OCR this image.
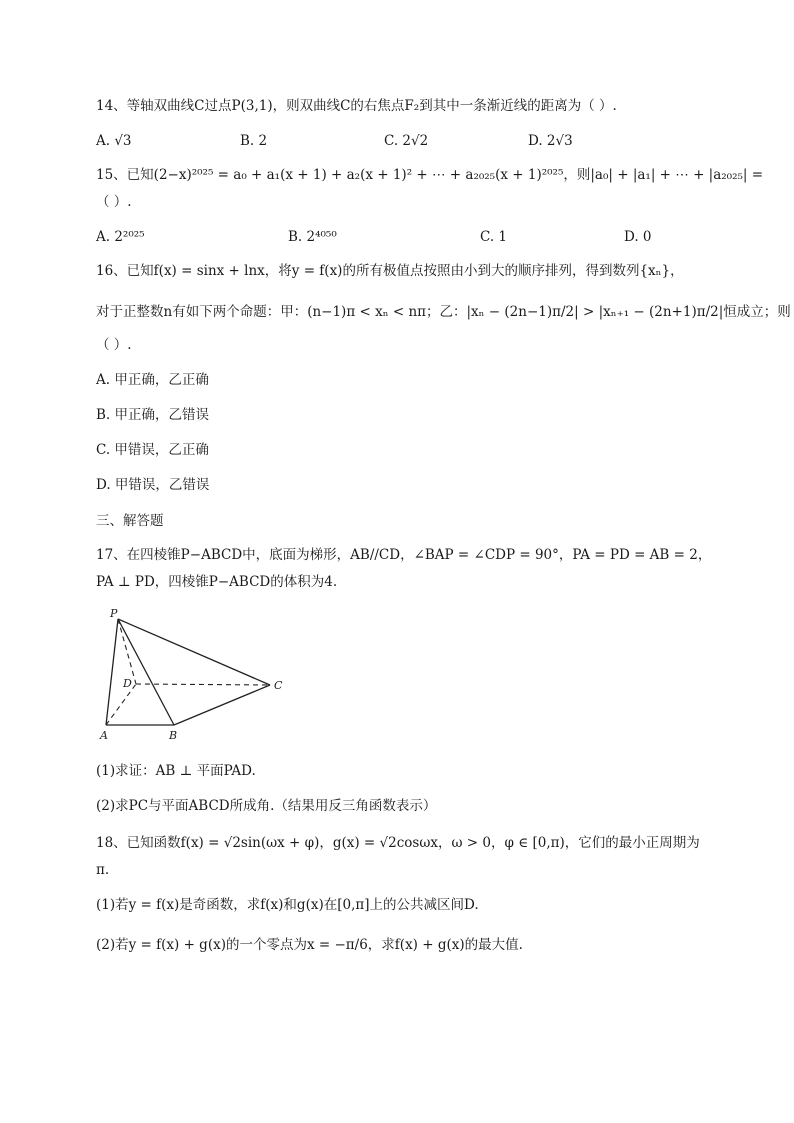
14、等轴双曲线C过点P(3,1)，则双曲线C的右焦点F₂到其中一条渐近线的距离为（ ）.
A. √3	B. 2	C. 2√2	D. 2√3
15、已知(2−x)²⁰²⁵ = a₀ + a₁(x + 1) + a₂(x + 1)² + ⋯ + a₂₀₂₅(x + 1)²⁰²⁵，则|a₀| + |a₁| + ⋯ + |a₂₀₂₅| =
（ ）.
A. 2²⁰²⁵	B. 2⁴⁰⁵⁰	C. 1	D. 0
16、已知f(x) = sinx + lnx，将y = f(x)的所有极值点按照由小到大的顺序排列，得到数列{xₙ}，
对于正整数n有如下两个命题：甲：(n−1)π < xₙ < nπ；乙：|xₙ − (2n−1)π/2| > |xₙ₊₁ − (2n+1)π/2|恒成立；则
（ ）.
A. 甲正确，乙正确
B. 甲正确，乙错误
C. 甲错误，乙正确
D. 甲错误，乙错误
三、解答题
17、在四棱锥P−ABCD中，底面为梯形，AB//CD，∠BAP = ∠CDP = 90°，PA = PD = AB = 2，
PA ⊥ PD，四棱锥P−ABCD的体积为4.
P
D	C
A	B
(1)求证：AB ⊥ 平面PAD.
(2)求PC与平面ABCD所成角.（结果用反三角函数表示）
18、已知函数f(x) = √2sin(ωx + φ)，g(x) = √2cosωx，ω > 0，φ ∈ [0,π)，它们的最小正周期为
π.
(1)若y = f(x)是奇函数，求f(x)和g(x)在[0,π]上的公共减区间D.
(2)若y = f(x) + g(x)的一个零点为x = −π/6，求f(x) + g(x)的最大值.
